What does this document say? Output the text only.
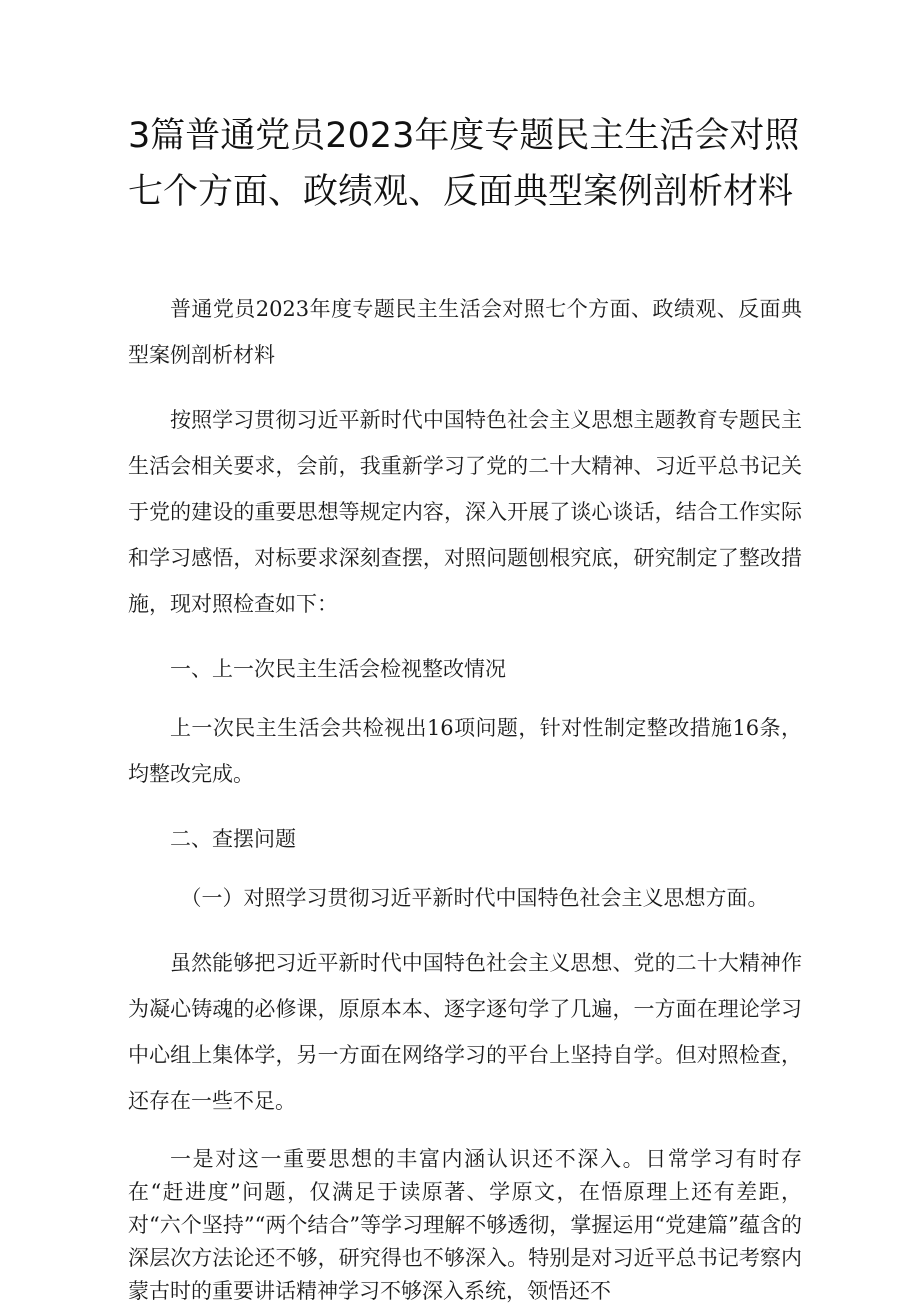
3篇普通党员2023年度专题民主生活会对照七个方面、政绩观、反面典型案例剖析材料

普通党员2023年度专题民主生活会对照七个方面、政绩观、反面典型案例剖析材料

按照学习贯彻习近平新时代中国特色社会主义思想主题教育专题民主生活会相关要求，会前，我重新学习了党的二十大精神、习近平总书记关于党的建设的重要思想等规定内容，深入开展了谈心谈话，结合工作实际和学习感悟，对标要求深刻查摆，对照问题刨根究底，研究制定了整改措施，现对照检查如下：

一、上一次民主生活会检视整改情况

上一次民主生活会共检视出16项问题，针对性制定整改措施16条，均整改完成。

二、查摆问题

（一）对照学习贯彻习近平新时代中国特色社会主义思想方面。

虽然能够把习近平新时代中国特色社会主义思想、党的二十大精神作为凝心铸魂的必修课，原原本本、逐字逐句学了几遍，一方面在理论学习中心组上集体学，另一方面在网络学习的平台上坚持自学。但对照检查，还存在一些不足。

一是对这一重要思想的丰富内涵认识还不深入。日常学习有时存在“赶进度”问题，仅满足于读原著、学原文，在悟原理上还有差距，对“六个坚持”“两个结合”等学习理解不够透彻，掌握运用“党建篇”蕴含的深层次方法论还不够，研究得也不够深入。特别是对习近平总书记考察内蒙古时的重要讲话精神学习不够深入系统，领悟还不
